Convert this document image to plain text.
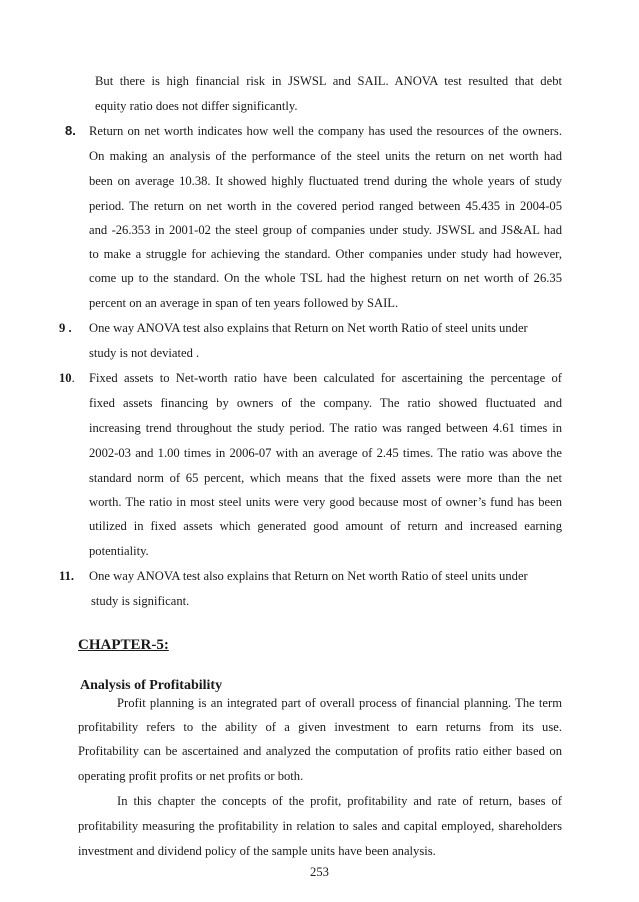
But there is high financial risk in JSWSL and SAIL. ANOVA test resulted that debt
equity ratio does not differ significantly.
8. Return on net worth indicates how well the company has used the resources of the owners.
On making an analysis of the performance of the steel units the return on net worth had
been on average 10.38. It showed highly fluctuated trend during the whole years of study
period. The return on net worth in the covered period ranged between 45.435 in 2004-05
and -26.353 in 2001-02 the steel group of companies under study. JSWSL and JS&AL had
to make a struggle for achieving the standard. Other companies under study had however,
come up to the standard. On the whole TSL had the highest return on net worth of 26.35
percent on an average in span of ten years followed by SAIL.
9 . One way ANOVA test also explains that Return on Net worth Ratio of steel units under
study is not deviated .
10. Fixed assets to Net-worth ratio have been calculated for ascertaining the percentage of
fixed assets financing by owners of the company. The ratio showed fluctuated and
increasing trend throughout the study period. The ratio was ranged between 4.61 times in
2002-03 and 1.00 times in 2006-07 with an average of 2.45 times. The ratio was above the
standard norm of 65 percent, which means that the fixed assets were more than the net
worth. The ratio in most steel units were very good because most of owner’s fund has been
utilized in fixed assets which generated good amount of return and increased earning
potentiality.
11. One way ANOVA test also explains that Return on Net worth Ratio of steel units under
study is significant.
CHAPTER-5:
Analysis of Profitability
Profit planning is an integrated part of overall process of financial planning. The term
profitability refers to the ability of a given investment to earn returns from its use.
Profitability can be ascertained and analyzed the computation of profits ratio either based on
operating profit profits or net profits or both.
In this chapter the concepts of the profit, profitability and rate of return, bases of
profitability measuring the profitability in relation to sales and capital employed, shareholders
investment and dividend policy of the sample units have been analysis.
253
